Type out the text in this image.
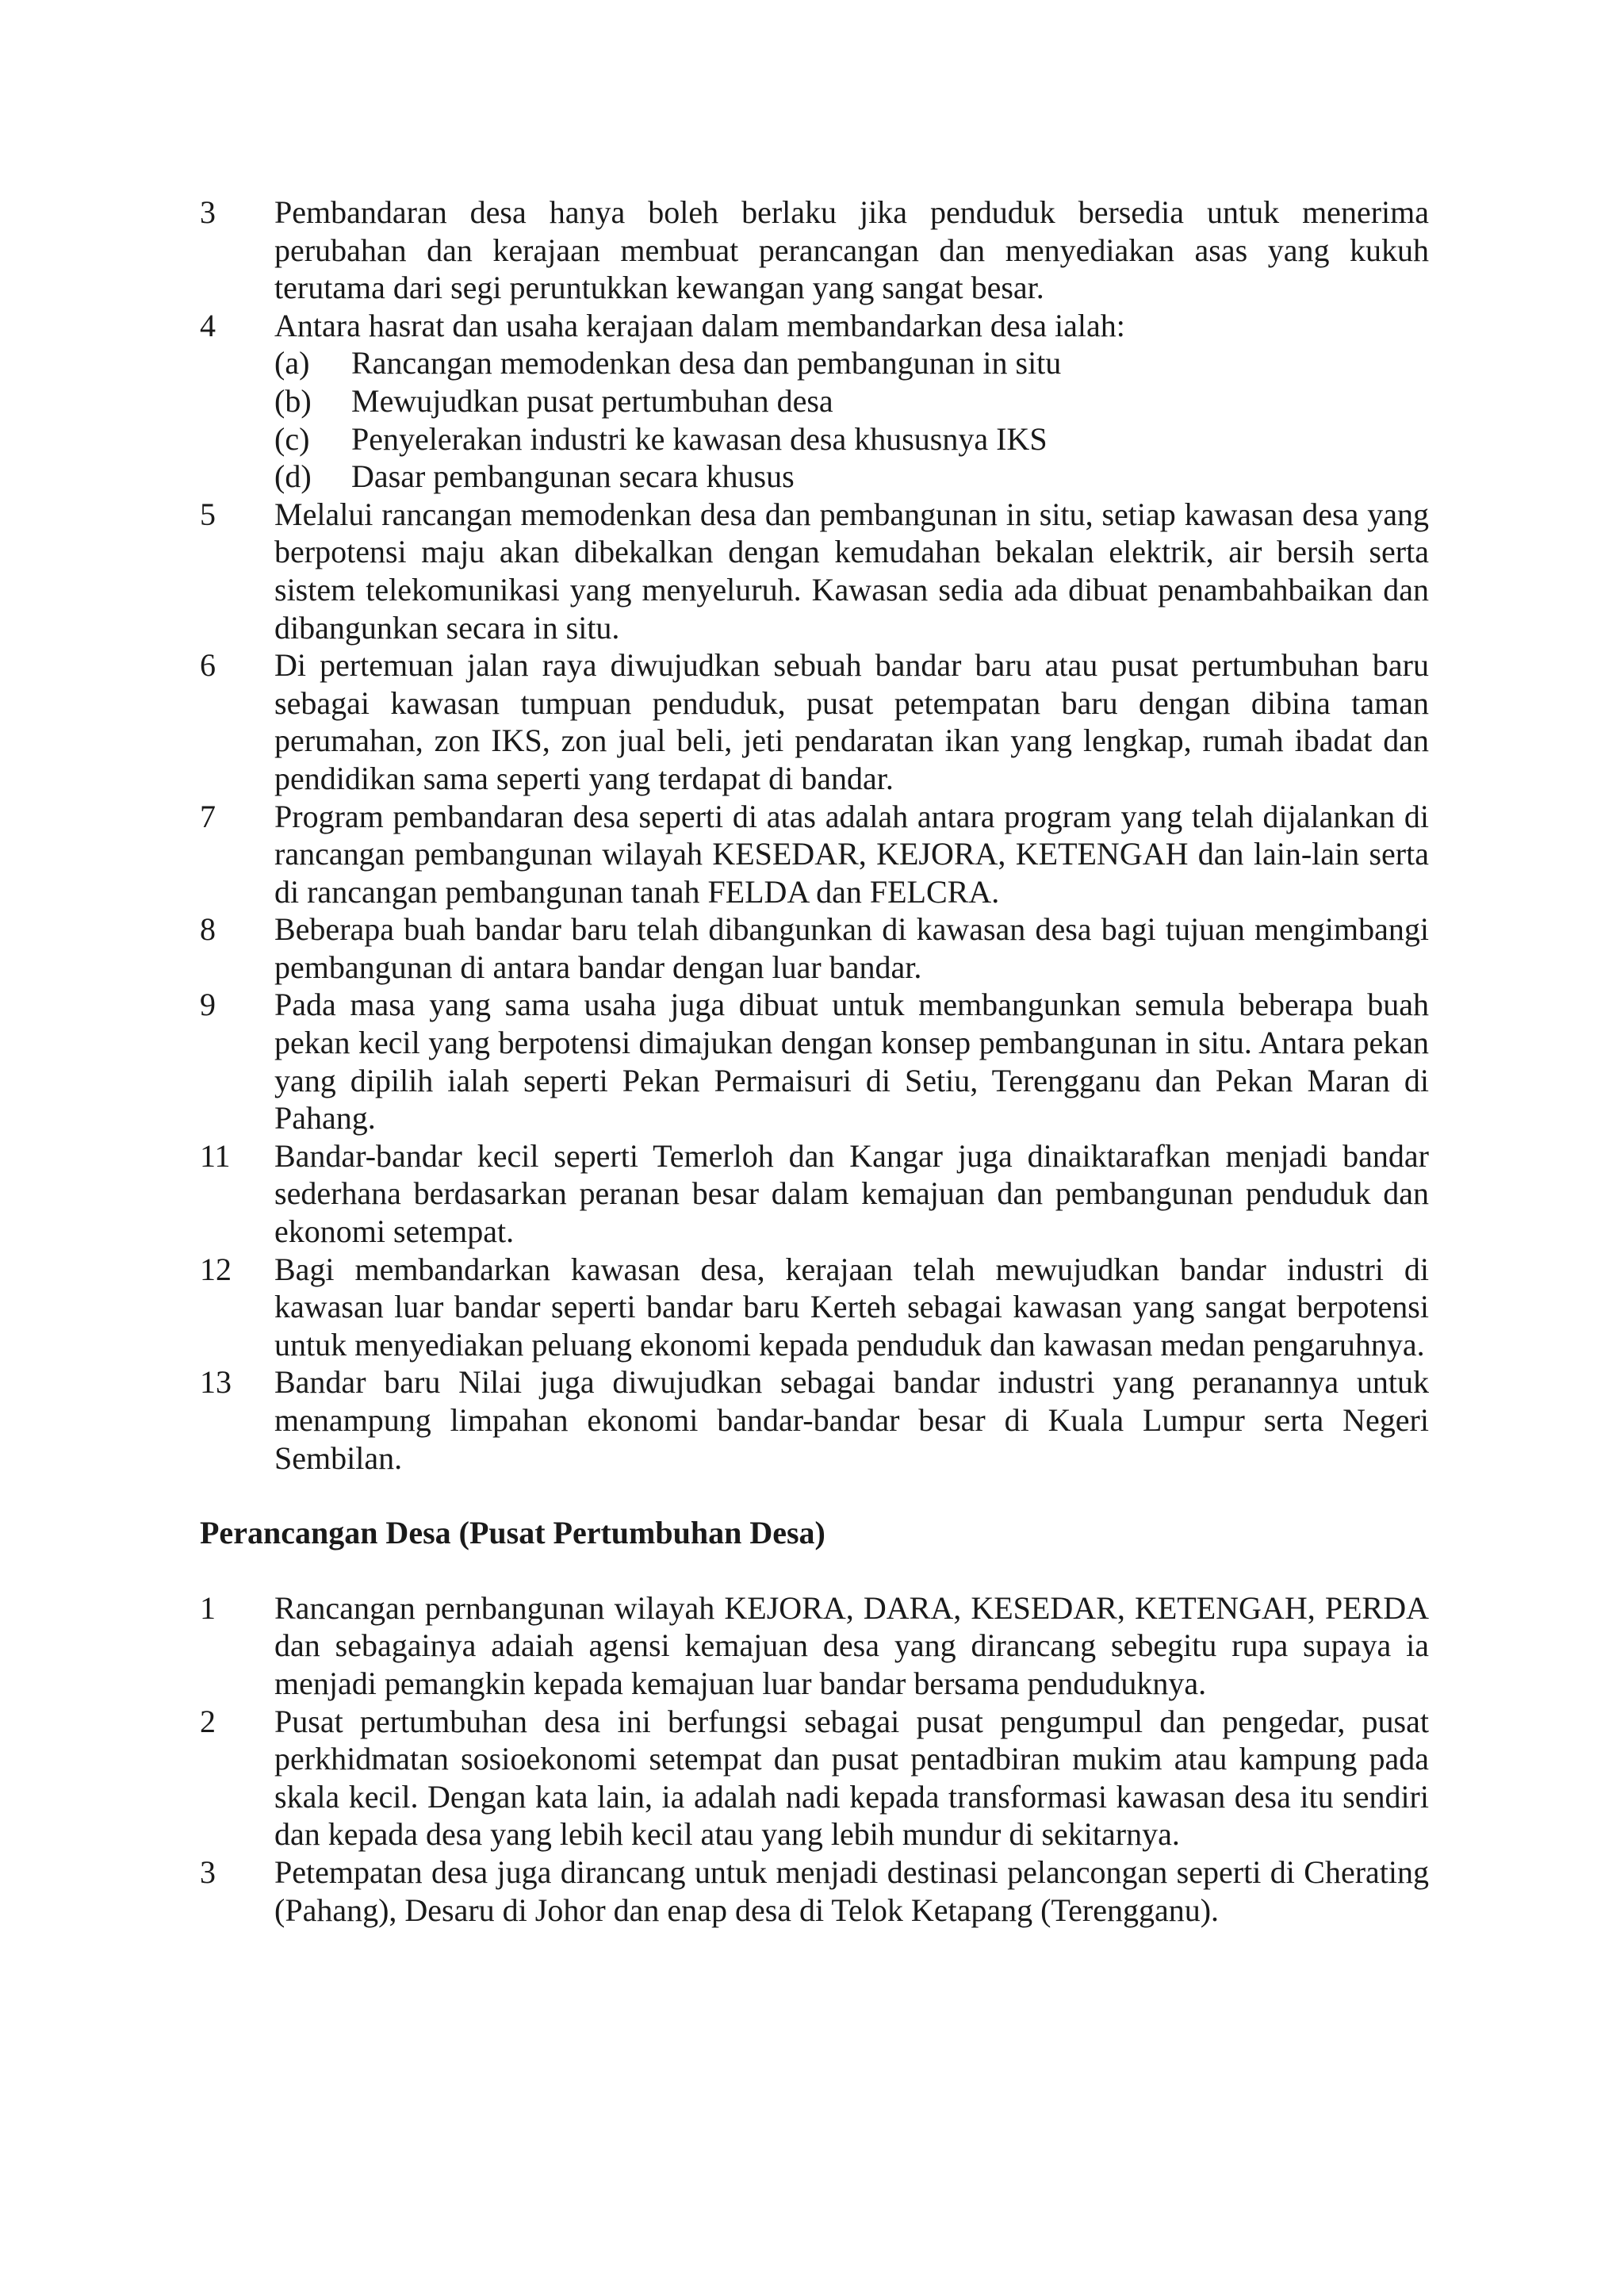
3	Pembandaran desa hanya boleh berlaku jika penduduk bersedia untuk menerima perubahan dan kerajaan membuat perancangan dan menyediakan asas yang kukuh terutama dari segi peruntukkan kewangan yang sangat besar.
4	Antara hasrat dan usaha kerajaan dalam membandarkan desa ialah:
(a)	Rancangan memodenkan desa dan pembangunan in situ
(b)	Mewujudkan pusat pertumbuhan desa
(c)	Penyelerakan industri ke kawasan desa khususnya IKS
(d)	Dasar pembangunan secara khusus
5	Melalui rancangan memodenkan desa dan pembangunan in situ, setiap kawasan desa yang berpotensi maju akan dibekalkan dengan kemudahan bekalan elektrik, air bersih serta sistem telekomunikasi yang menyeluruh. Kawasan sedia ada dibuat penambahbaikan dan dibangunkan secara in situ.
6	Di pertemuan jalan raya diwujudkan sebuah bandar baru atau pusat pertumbuhan baru sebagai kawasan tumpuan penduduk, pusat petempatan baru dengan dibina taman perumahan, zon IKS, zon jual beli, jeti pendaratan ikan yang lengkap, rumah ibadat dan pendidikan sama seperti yang terdapat di bandar.
7	Program pembandaran desa seperti di atas adalah antara program yang telah dijalankan di rancangan pembangunan wilayah KESEDAR, KEJORA, KETENGAH dan lain-lain serta di rancangan pembangunan tanah FELDA dan FELCRA.
8	Beberapa buah bandar baru telah dibangunkan di kawasan desa bagi tujuan mengimbangi pembangunan di antara bandar dengan luar bandar.
9	Pada masa yang sama usaha juga dibuat untuk membangunkan semula beberapa buah pekan kecil yang berpotensi dimajukan dengan konsep pembangunan in situ. Antara pekan yang dipilih ialah seperti Pekan Permaisuri di Setiu, Terengganu dan Pekan Maran di Pahang.
11	Bandar-bandar kecil seperti Temerloh dan Kangar juga dinaiktarafkan menjadi bandar sederhana berdasarkan peranan besar dalam kemajuan dan pembangunan penduduk dan ekonomi setempat.
12	Bagi membandarkan kawasan desa, kerajaan telah mewujudkan bandar industri di kawasan luar bandar seperti bandar baru Kerteh sebagai kawasan yang sangat berpotensi untuk menyediakan peluang ekonomi kepada penduduk dan kawasan medan pengaruhnya.
13	Bandar baru Nilai juga diwujudkan sebagai bandar industri yang peranannya untuk menampung limpahan ekonomi bandar-bandar besar di Kuala Lumpur serta Negeri Sembilan.
Perancangan Desa (Pusat Pertumbuhan Desa)
1	Rancangan pernbangunan wilayah KEJORA, DARA, KESEDAR, KETENGAH, PERDA dan sebagainya adaiah agensi kemajuan desa yang dirancang sebegitu rupa supaya ia menjadi pemangkin kepada kemajuan luar bandar bersama penduduknya.
2	Pusat pertumbuhan desa ini berfungsi sebagai pusat pengumpul dan pengedar, pusat perkhidmatan sosioekonomi setempat dan pusat pentadbiran mukim atau kampung pada skala kecil. Dengan kata lain, ia adalah nadi kepada transformasi kawasan desa itu sendiri dan kepada desa yang lebih kecil atau yang lebih mundur di sekitarnya.
3	Petempatan desa juga dirancang untuk menjadi destinasi pelancongan seperti di Cherating (Pahang), Desaru di Johor dan enap desa di Telok Ketapang (Terengganu).
